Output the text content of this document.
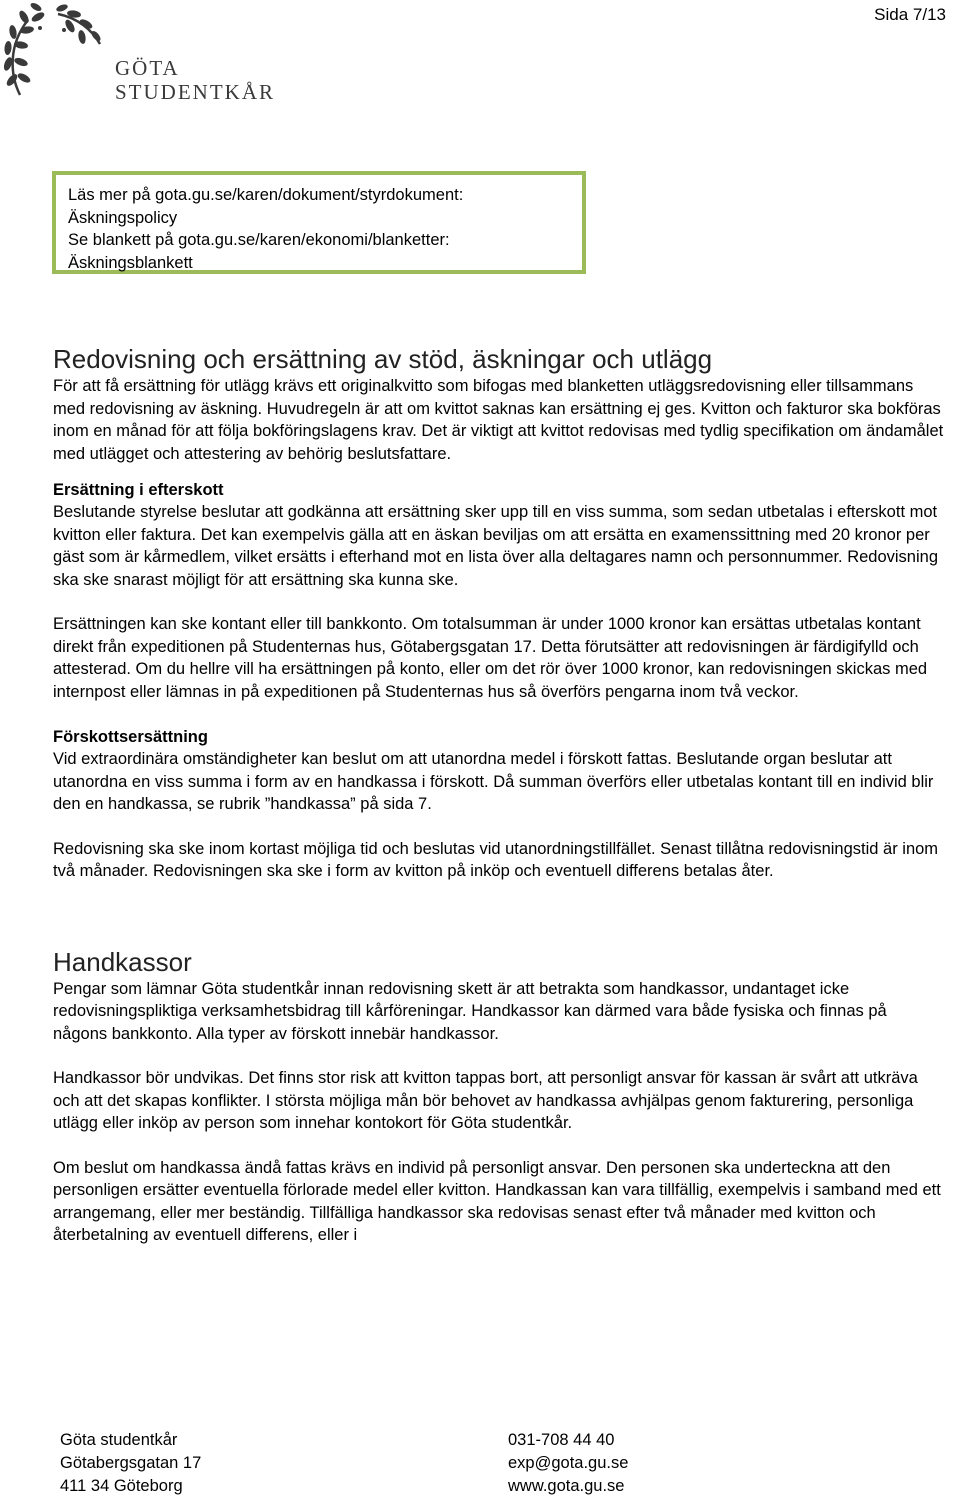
Sida 7/13
GÖTA
STUDENTKÅR

Läs mer på gota.gu.se/karen/dokument/styrdokument:

Äskningspolicy

Se blankett på gota.gu.se/karen/ekonomi/blanketter:

Äskningsblankett

Redovisning och ersättning av stöd, äskningar och utlägg

För att få ersättning för utlägg krävs ett originalkvitto som bifogas med blanketten utläggsredovisning eller tillsammans med redovisning av äskning. Huvudregeln är att om kvittot saknas kan ersättning ej ges. Kvitton och fakturor ska bokföras inom en månad för att följa bokföringslagens krav. Det är viktigt att kvittot redovisas med tydlig specifikation om ändamålet med utlägget och attestering av behörig beslutsfattare.

Ersättning i efterskott

Beslutande styrelse beslutar att godkänna att ersättning sker upp till en viss summa, som sedan utbetalas i efterskott mot kvitton eller faktura. Det kan exempelvis gälla att en äskan beviljas om att ersätta en examenssittning med 20 kronor per gäst som är kårmedlem, vilket ersätts i efterhand mot en lista över alla deltagares namn och personnummer. Redovisning ska ske snarast möjligt för att ersättning ska kunna ske.

Ersättningen kan ske kontant eller till bankkonto. Om totalsumman är under 1000 kronor kan ersättas utbetalas kontant direkt från expeditionen på Studenternas hus, Götabergsgatan 17. Detta förutsätter att redovisningen är färdigifylld och attesterad. Om du hellre vill ha ersättningen på konto, eller om det rör över 1000 kronor, kan redovisningen skickas med internpost eller lämnas in på expeditionen på Studenternas hus så överförs pengarna inom två veckor.

Förskottsersättning

Vid extraordinära omständigheter kan beslut om att utanordna medel i förskott fattas. Beslutande organ beslutar att utanordna en viss summa i form av en handkassa i förskott. Då summan överförs eller utbetalas kontant till en individ blir den en handkassa, se rubrik ”handkassa” på sida 7.

Redovisning ska ske inom kortast möjliga tid och beslutas vid utanordningstillfället. Senast tillåtna redovisningstid är inom två månader. Redovisningen ska ske i form av kvitton på inköp och eventuell differens betalas åter.

Handkassor

Pengar som lämnar Göta studentkår innan redovisning skett är att betrakta som handkassor, undantaget icke redovisningspliktiga verksamhetsbidrag till kårföreningar. Handkassor kan därmed vara både fysiska och finnas på någons bankkonto. Alla typer av förskott innebär handkassor.

Handkassor bör undvikas. Det finns stor risk att kvitton tappas bort, att personligt ansvar för kassan är svårt att utkräva och att det skapas konflikter. I största möjliga mån bör behovet av handkassa avhjälpas genom fakturering, personliga utlägg eller inköp av person som innehar kontokort för Göta studentkår.

Om beslut om handkassa ändå fattas krävs en individ på personligt ansvar. Den personen ska underteckna att den personligen ersätter eventuella förlorade medel eller kvitton. Handkassan kan vara tillfällig, exempelvis i samband med ett arrangemang, eller mer beständig. Tillfälliga handkassor ska redovisas senast efter två månader med kvitton och återbetalning av eventuell differens, eller i

Göta studentkår

Götabergsgatan 17

411 34 Göteborg

031-708 44 40

exp@gota.gu.se

www.gota.gu.se
